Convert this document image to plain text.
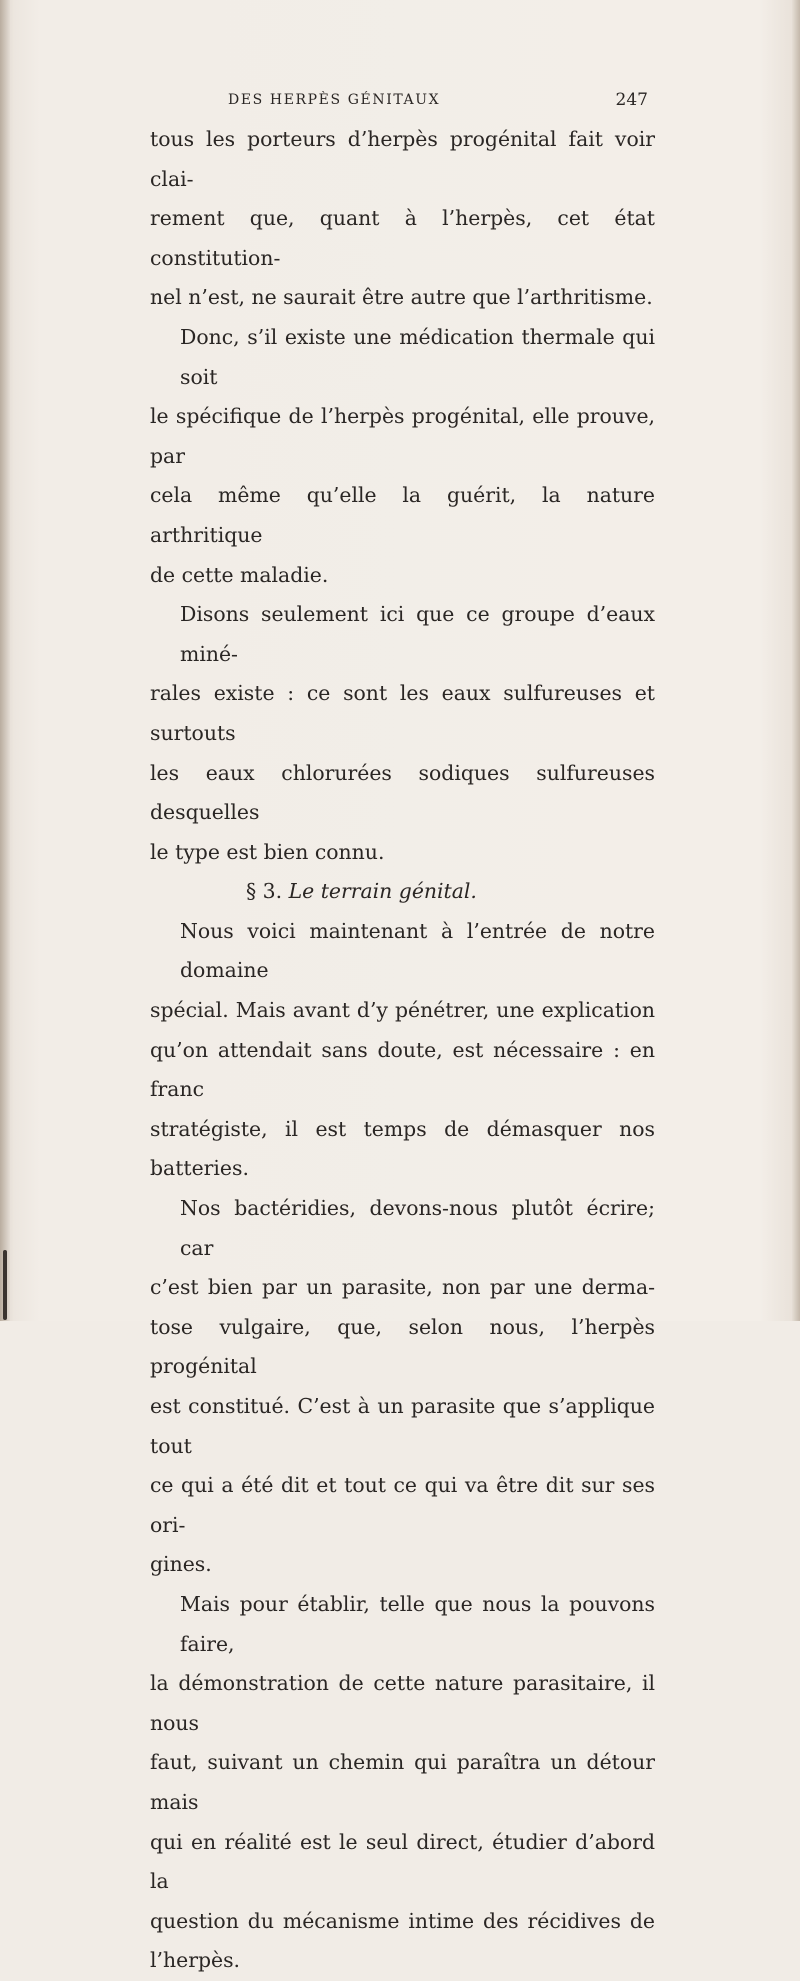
DES HERPÈS GÉNITAUX	247
tous les porteurs d’herpès progénital fait voir clai-
rement que, quant à l’herpès, cet état constitution-
nel n’est, ne saurait être autre que l’arthritisme.
Donc, s’il existe une médication thermale qui soit
le spécifique de l’herpès progénital, elle prouve, par
cela même qu’elle la guérit, la nature arthritique
de cette maladie.
Disons seulement ici que ce groupe d’eaux miné-
rales existe : ce sont les eaux sulfureuses et surtouts
les eaux chlorurées sodiques sulfureuses desquelles
le type est bien connu.
§ 3. Le terrain génital.
Nous voici maintenant à l’entrée de notre domaine
spécial. Mais avant d’y pénétrer, une explication
qu’on attendait sans doute, est nécessaire : en franc
stratégiste, il est temps de démasquer nos batteries.
Nos bactéridies, devons-nous plutôt écrire; car
c’est bien par un parasite, non par une derma-
tose vulgaire, que, selon nous, l’herpès progénital
est constitué. C’est à un parasite que s’applique tout
ce qui a été dit et tout ce qui va être dit sur ses ori-
gines.
Mais pour établir, telle que nous la pouvons faire,
la démonstration de cette nature parasitaire, il nous
faut, suivant un chemin qui paraîtra un détour mais
qui en réalité est le seul direct, étudier d’abord la
question du mécanisme intime des récidives de
l’herpès.
